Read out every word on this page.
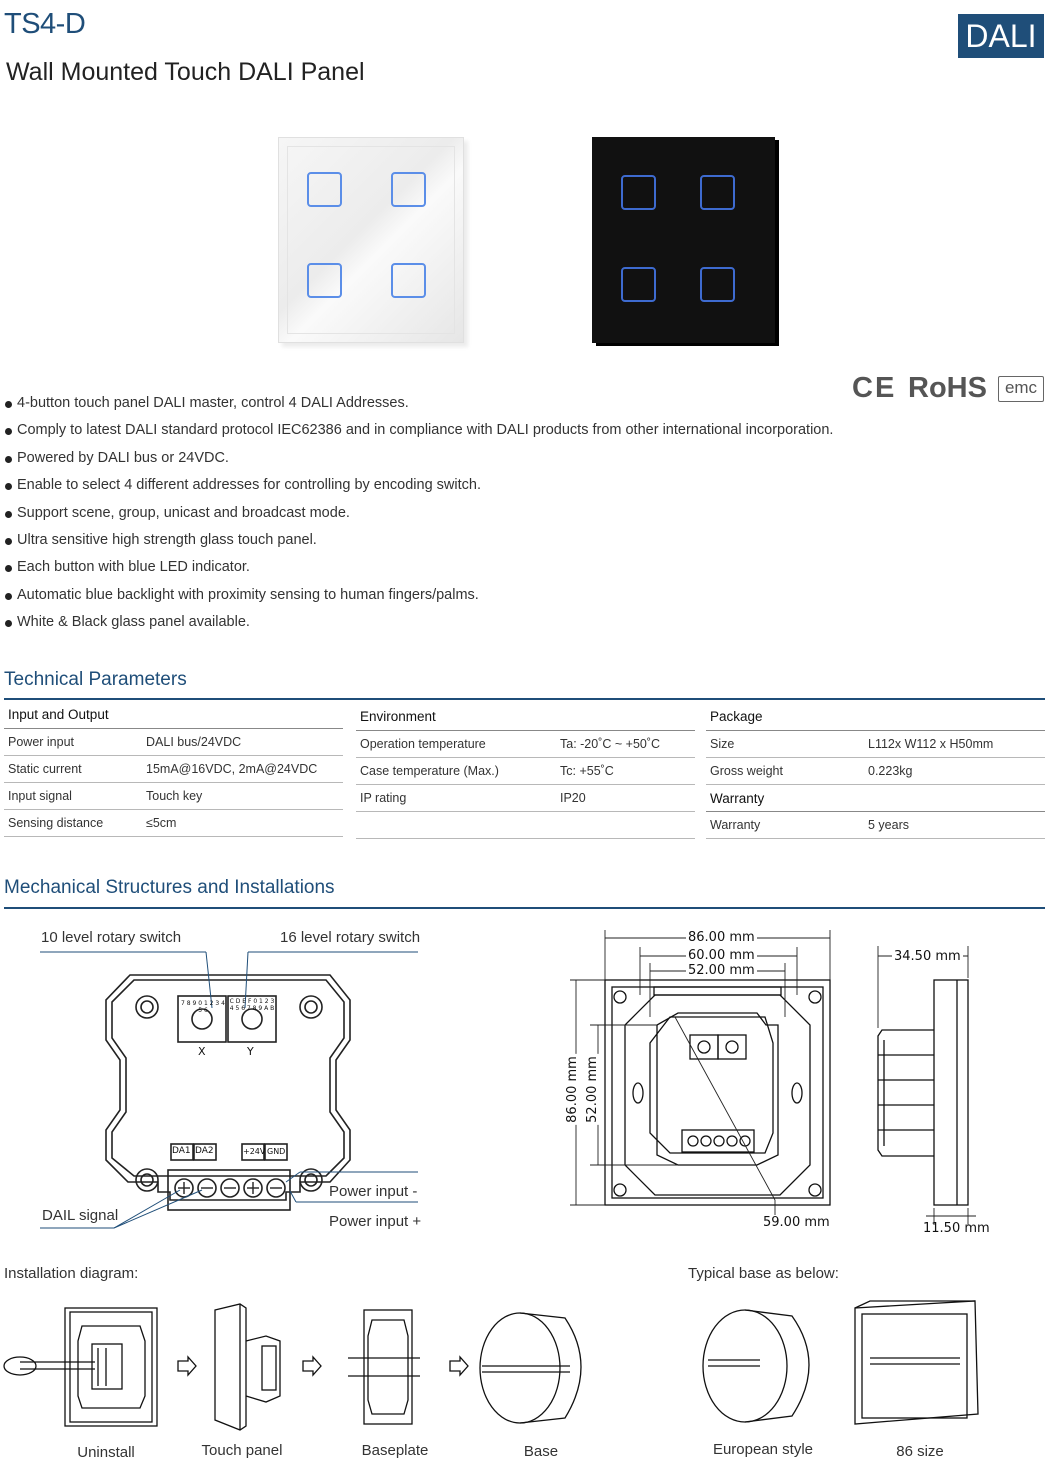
TS4-D
Wall Mounted Touch DALI Panel
DALI
CE RoHS	emc
4-button touch panel DALI master, control 4 DALI Addresses.
Comply to latest DALI standard protocol IEC62386 and in compliance with DALI products from other international incorporation.
Powered by DALI bus or 24VDC.
Enable to select 4 different addresses for controlling by encoding switch.
Support scene, group, unicast and broadcast mode.
Ultra sensitive high strength glass touch panel.
Each button with blue LED indicator.
Automatic blue backlight with proximity sensing to human fingers/palms.
White & Black glass panel available.
Technical Parameters
Input and Output
Power input	DALI bus/24VDC
Static current	15mA@16VDC, 2mA@24VDC
Input signal	Touch key
Sensing distance	≤5cm
Environment
Operation temperature	Ta: -20˚C ~ +50˚C
Case temperature (Max.)	Tc: +55˚C
IP rating	IP20
Package
Size	L112x W112 x H50mm
Gross weight	0.223kg
Warranty
Warranty	5 years
Mechanical Structures and Installations
10 level rotary switch	16 level rotary switch
X	Y
7 8 9 0 1 2 3 4 5 6
C D E F 0 1 2 3 4 5 6 7 8 9 A B
DA1 DA2	+24V GND
Power input -
Power input +
DAIL signal
86.00 mm
60.00 mm
52.00 mm
86.00 mm 52.00 mm
59.00 mm
34.50 mm
11.50 mm
Installation diagram:	Typical base as below:
Uninstall	Touch panel	Baseplate	Base	European style	86 size
